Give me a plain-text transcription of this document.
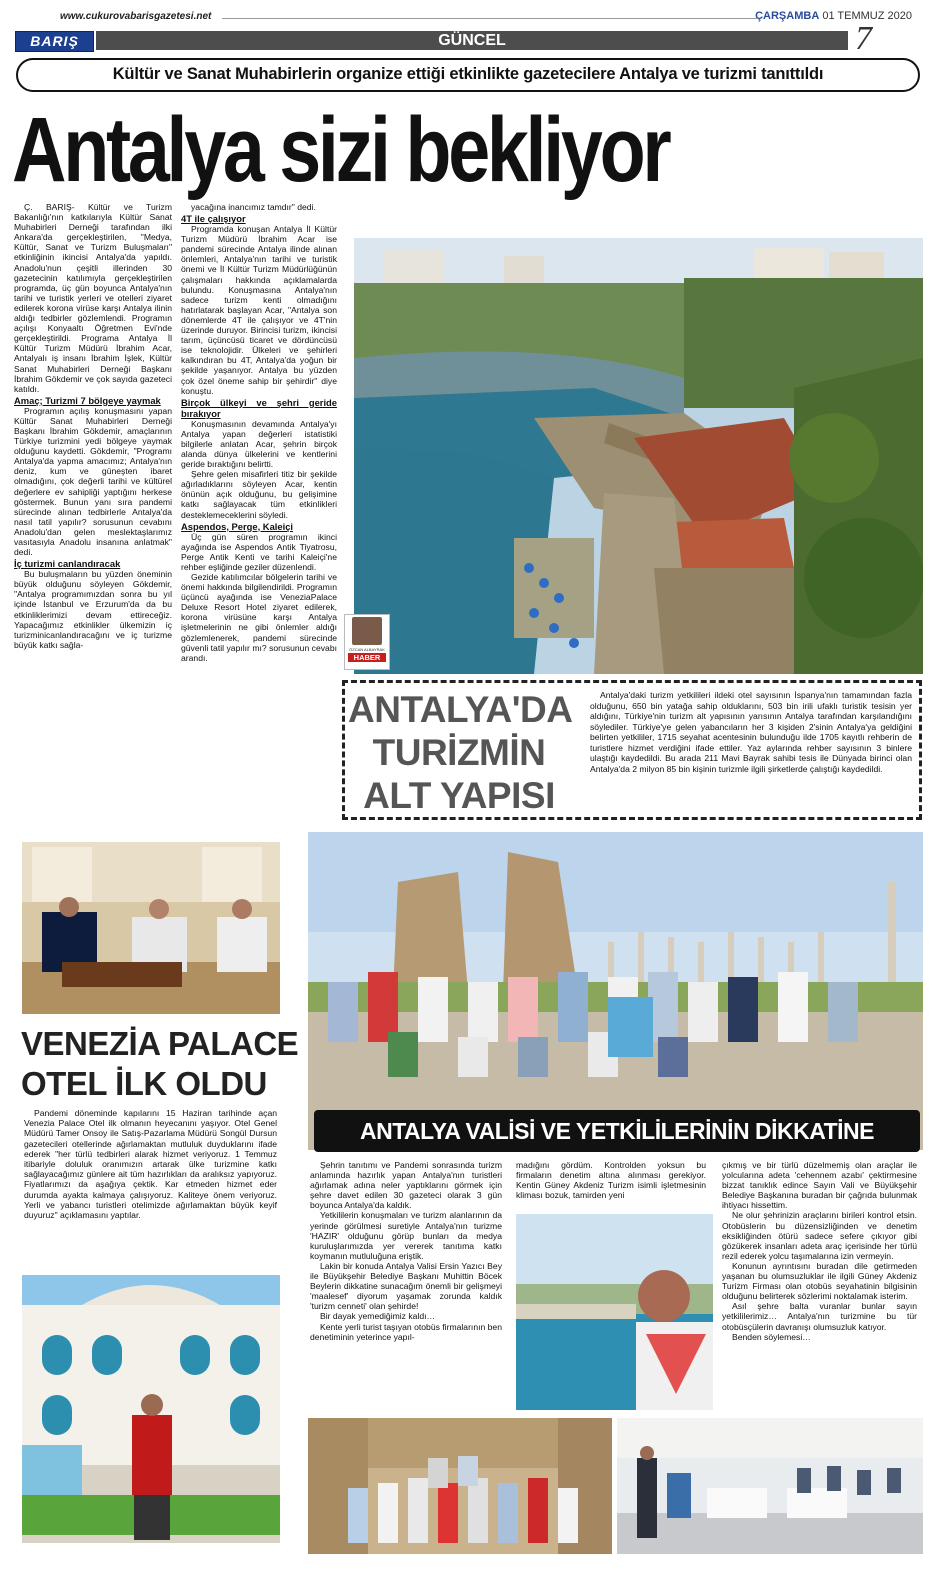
www.cukurovabarisgazetesi.net	ÇARŞAMBA 01 TEMMUZ 2020
BARIŞ	GÜNCEL	7
Kültür ve Sanat Muhabirlerin organize ettiği etkinlikte gazetecilere Antalya ve turizmi tanıttıldı
Antalya sizi bekliyor

Ç. BARIŞ- Kültür ve Turizm Bakanlığı'nın katkılarıyla Kültür Sanat Muhabirleri Derneği tarafından ilki Ankara'da gerçekleştirilen, "Medya, Kültür, Sanat ve Turizm Buluşmaları" etkinliğinin ikincisi Antalya'da yapıldı. Anadolu'nun çeşitli illerinden 30 gazetecinin katılımıyla gerçekleştirilen programda, üç gün boyunca Antalya'nın tarihi ve turistik yerleri ve otelleri ziyaret edilerek korona virüse karşı Antalya ilinin aldığı tedbirler gözlemlendi. Programın açılışı Konyaaltı Öğretmen Evi'nde gerçekleştirildi. Programa Antalya İl Kültür Turizm Müdürü İbrahim Acar, Antalyalı iş insanı İbrahim İşlek, Kültür Sanat Muhabirleri Derneği Başkanı İbrahim Gökdemir ve çok sayıda gazeteci katıldı.

Amaç; Turizmi 7 bölgeye yaymak

Programın açılış konuşmasını yapan Kültür Sanat Muhabirleri Derneği Başkanı İbrahim Gökdemir, amaçlarının Türkiye turizmini yedi bölgeye yaymak olduğunu kaydetti. Gökdemir, "Programı Antalya'da yapma amacımız; Antalya'nın deniz, kum ve güneşten ibaret olmadığını, çok değerli tarihi ve kültürel değerlere ev sahipliği yaptığını herkese göstermek. Bunun yanı sıra pandemi sürecinde alınan tedbirlerle Antalya'da nasıl tatil yapılır? sorusunun cevabını Anadolu'dan gelen meslektaşlarımız vasıtasıyla Anadolu insanına anlatmak" dedi.

İç turizmi canlandıracak

Bu buluşmaların bu yüzden öneminin büyük olduğunu söyleyen Gökdemir, "Antalya programımızdan sonra bu yıl içinde İstanbul ve Erzurum'da da bu etkinliklerimizi devam ettireceğiz. Yapacağımız etkinlikler ülkemizin iç turizminicanlandıracağını ve iç turizme büyük katkı sağla-

yacağına inancımız tamdır" dedi.

4T ile çalışıyor

Programda konuşan Antalya İl Kültür Turizm Müdürü İbrahim Acar ise pandemi sürecinde Antalya ilinde alınan önlemleri, Antalya'nın tarihi ve turistik önemi ve İl Kültür Turizm Müdürlüğünün çalışmaları hakkında açıklamalarda bulundu. Konuşmasına Antalya'nın sadece turizm kenti olmadığını hatırlatarak başlayan Acar, "Antalya son dönemlerde 4T ile çalışıyor ve 4T'nin üzerinde duruyor. Birincisi turizm, ikincisi tarım, üçüncüsü ticaret ve dördüncüsü ise teknolojidir. Ülkeleri ve şehirleri kalkındıran bu 4T, Antalya'da yoğun bir şekilde yaşanıyor. Antalya bu yüzden çok özel öneme sahip bir şehirdir" diye konuştu.

Birçok ülkeyi ve şehri geride bırakıyor

Konuşmasının devamında Antalya'yı Antalya yapan değerleri istatistiki bilgilerle anlatan Acar, şehrin birçok alanda dünya ülkelerini ve kentlerini geride bıraktığını belirtti.

Şehre gelen misafirleri titiz bir şekilde ağırladıklarını söyleyen Acar, kentin önünün açık olduğunu, bu gelişimine katkı sağlayacak tüm etkinlikleri desteklemeceklerini söyledi.

Aspendos, Perge, Kaleiçi

Üç gün süren programın ikinci ayağında ise Aspendos Antik Tiyatrosu, Perge Antik Kenti ve tarihi Kaleiçi'ne rehber eşliğinde geziler düzenlendi.

Gezide katılımcılar bölgelerin tarihi ve önemi hakkında bilgilendirildi. Programın üçüncü ayağında ise VeneziaPalace Deluxe Resort Hotel ziyaret edilerek, korona virüsüne karşı Antalya işletmelerinin ne gibi önlemler aldığı gözlemlenerek, pandemi sürecinde güvenli tatil yapılır mı? sorusunun cevabı arandı.

ÖZCAN ALBAYRAK
HABER
ANTALYA'DA
TURİZMİN
ALT YAPISI

Antalya'daki turizm yetkilileri ildeki otel sayısının İspanya'nın tamamından fazla olduğunu, 650 bin yatağa sahip olduklarını, 503 bin irili ufaklı turistik tesisin yer aldığını, Türkiye'nin turizm alt yapısının yarısının Antalya tarafından karşılandığını söylediler. Türkiye'ye gelen yabancıların her 3 kişiden 2'sinin Antalya'ya geldiğini belirten yetkililer, 1715 seyahat acentesinin bulunduğu ilde 1705 kayıtlı rehberin de turistlere hizmet verdiğini ifade ettiler. Yaz aylarında rehber sayısının 3 binlere ulaştığı kaydedildi. Bu arada 211 Mavi Bayrak sahibi tesis ile Dünyada birinci olan Antalya'da 2 milyon 85 bin kişinin turizmle ilgili şirketlerde çalıştığı kaydedildi.

VENEZİA PALACE
OTEL İLK OLDU

Pandemi döneminde kapılarını 15 Haziran tarihinde açan Venezia Palace Otel ilk olmanın heyecanını yaşıyor. Otel Genel Müdürü Tamer Onsoy ile Satış-Pazarlama Müdürü Songül Dursun gazetecileri otellerinde ağırlamaktan mutluluk duyduklarını ifade ederek "her türlü tedbirleri alarak hizmet veriyoruz. 1 Temmuz itibariyle doluluk oranımızın artarak ülke turizmine katkı sağlayacağımız günlere ait tüm hazırlıkları da aralıksız yapıyoruz. Fiyatlarımızı da aşağıya çektik. Kar etmeden hizmet eder durumda ayakta kalmaya çalışıyoruz. Kaliteye önem veriyoruz. Yerli ve yabancı turistleri otelimizde ağırlamaktan büyük keyif duyuruz" açıklamasını yaptılar.

ANTALYA VALİSİ VE YETKİLİLERİNİN DİKKATİNE

Şehrin tanıtımı ve Pandemi sonrasında turizm anlamında hazırlık yapan Antalya'nın turistleri ağırlamak adına neler yaptıklarını görmek için şehre davet edilen 30 gazeteci olarak 3 gün boyunca Antalya'da kaldık.

Yetkililerin konuşmaları ve turizm alanlarının da yerinde görülmesi suretiyle Antalya'nın turizme 'HAZIR' olduğunu görüp bunları da medya kuruluşlarımızda yer vererek tanıtıma katkı koymanın mutluluğuna eriştik.

Lakin bir konuda Antalya Valisi Ersin Yazıcı Bey ile Büyükşehir Belediye Başkanı Muhittin Böcek Beylerin dikkatine sunacağım önemli bir gelişmeyi 'maalesef' diyorum yaşamak zorunda kaldık 'turizm cenneti' olan şehirde!

Bir dayak yemediğimiz kaldı…

Kente yerli turist taşıyan otobüs firmalarının ben denetiminin yeterince yapıl-

madığını gördüm. Kontrolden yoksun bu firmaların denetim altına alınması gerekiyor. Kentin Güney Akdeniz Turizm isimli işletmesinin kliması bozuk, tamirden yeni

çıkmış ve bir türlü düzelmemiş olan araçlar ile yolcularına adeta 'cehennem azabı' çektirmesine bizzat tanıklık edince Sayın Vali ve Büyükşehir Belediye Başkanına buradan bir çağrıda bulunmak ihtiyacı hissettim.

Ne olur şehrinizin araçlarını birileri kontrol etsin. Otobüslerin bu düzensizliğinden ve denetim eksikliğinden ötürü sadece sefere çıkıyor gibi gözükerek insanları adeta araç içerisinde her türlü rezil ederek yolcu taşımalarına izin vermeyin.

Konunun ayrıntısını buradan dile getirmeden yaşanan bu olumsuzluklar ile ilgili Güney Akdeniz Turizm Firması olan otobüs seyahatinin bilgisinin olduğunu belirterek sözlerimi noktalamak isterim.

Asıl şehre balta vuranlar bunlar sayın yetkililerimiz… Antalya'nın turizmine bu tür otobüsçülerin davranışı olumsuzluk katıyor.

Benden söylemesi…
